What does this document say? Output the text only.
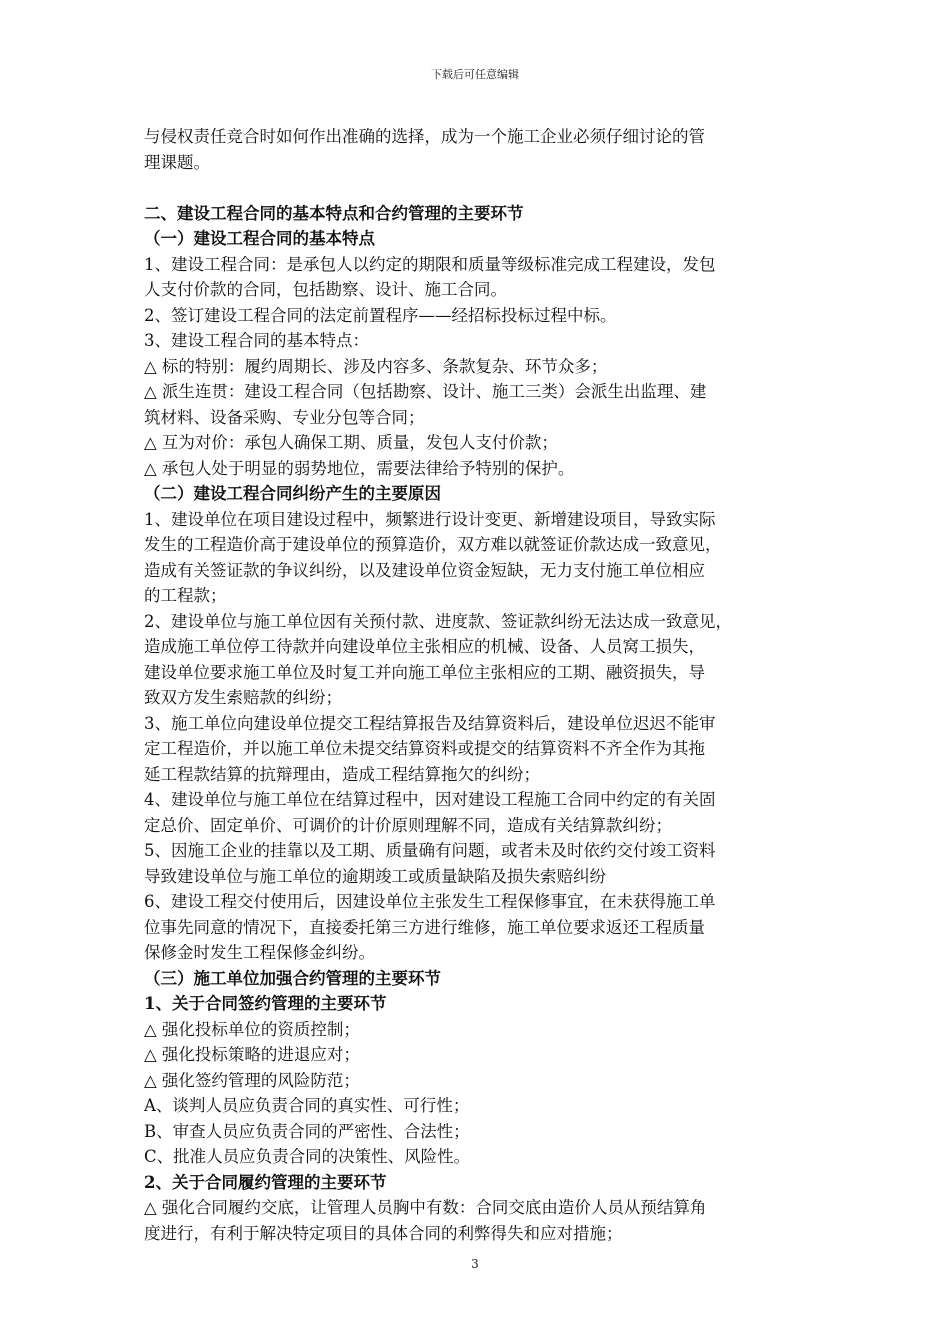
下载后可任意编辑
与侵权责任竞合时如何作出准确的选择，成为一个施工企业必须仔细讨论的管
理课题。
二、建设工程合同的基本特点和合约管理的主要环节
（一）建设工程合同的基本特点
1、建设工程合同：是承包人以约定的期限和质量等级标准完成工程建设，发包
人支付价款的合同，包括勘察、设计、施工合同。
2、签订建设工程合同的法定前置程序——经招标投标过程中标。
3、建设工程合同的基本特点：
△ 标的特别：履约周期长、涉及内容多、条款复杂、环节众多；
△ 派生连贯：建设工程合同（包括勘察、设计、施工三类）会派生出监理、建
筑材料、设备采购、专业分包等合同；
△ 互为对价：承包人确保工期、质量，发包人支付价款；
△ 承包人处于明显的弱势地位，需要法律给予特别的保护。
（二）建设工程合同纠纷产生的主要原因
1、建设单位在项目建设过程中，频繁进行设计变更、新增建设项目，导致实际
发生的工程造价高于建设单位的预算造价，双方难以就签证价款达成一致意见，
造成有关签证款的争议纠纷，以及建设单位资金短缺，无力支付施工单位相应
的工程款；
2、建设单位与施工单位因有关预付款、进度款、签证款纠纷无法达成一致意见，
造成施工单位停工待款并向建设单位主张相应的机械、设备、人员窝工损失，
建设单位要求施工单位及时复工并向施工单位主张相应的工期、融资损失，导
致双方发生索赔款的纠纷；
3、施工单位向建设单位提交工程结算报告及结算资料后，建设单位迟迟不能审
定工程造价，并以施工单位未提交结算资料或提交的结算资料不齐全作为其拖
延工程款结算的抗辩理由，造成工程结算拖欠的纠纷；
4、建设单位与施工单位在结算过程中，因对建设工程施工合同中约定的有关固
定总价、固定单价、可调价的计价原则理解不同，造成有关结算款纠纷；
5、因施工企业的挂靠以及工期、质量确有问题，或者未及时依约交付竣工资料
导致建设单位与施工单位的逾期竣工或质量缺陷及损失索赔纠纷
6、建设工程交付使用后，因建设单位主张发生工程保修事宜，在未获得施工单
位事先同意的情况下，直接委托第三方进行维修，施工单位要求返还工程质量
保修金时发生工程保修金纠纷。
（三）施工单位加强合约管理的主要环节
1、关于合同签约管理的主要环节
△ 强化投标单位的资质控制；
△ 强化投标策略的进退应对；
△ 强化签约管理的风险防范；
A、谈判人员应负责合同的真实性、可行性；
B、审查人员应负责合同的严密性、合法性；
C、批准人员应负责合同的决策性、风险性。
2、关于合同履约管理的主要环节
△ 强化合同履约交底，让管理人员胸中有数：合同交底由造价人员从预结算角
度进行，有利于解决特定项目的具体合同的利弊得失和应对措施；
3
